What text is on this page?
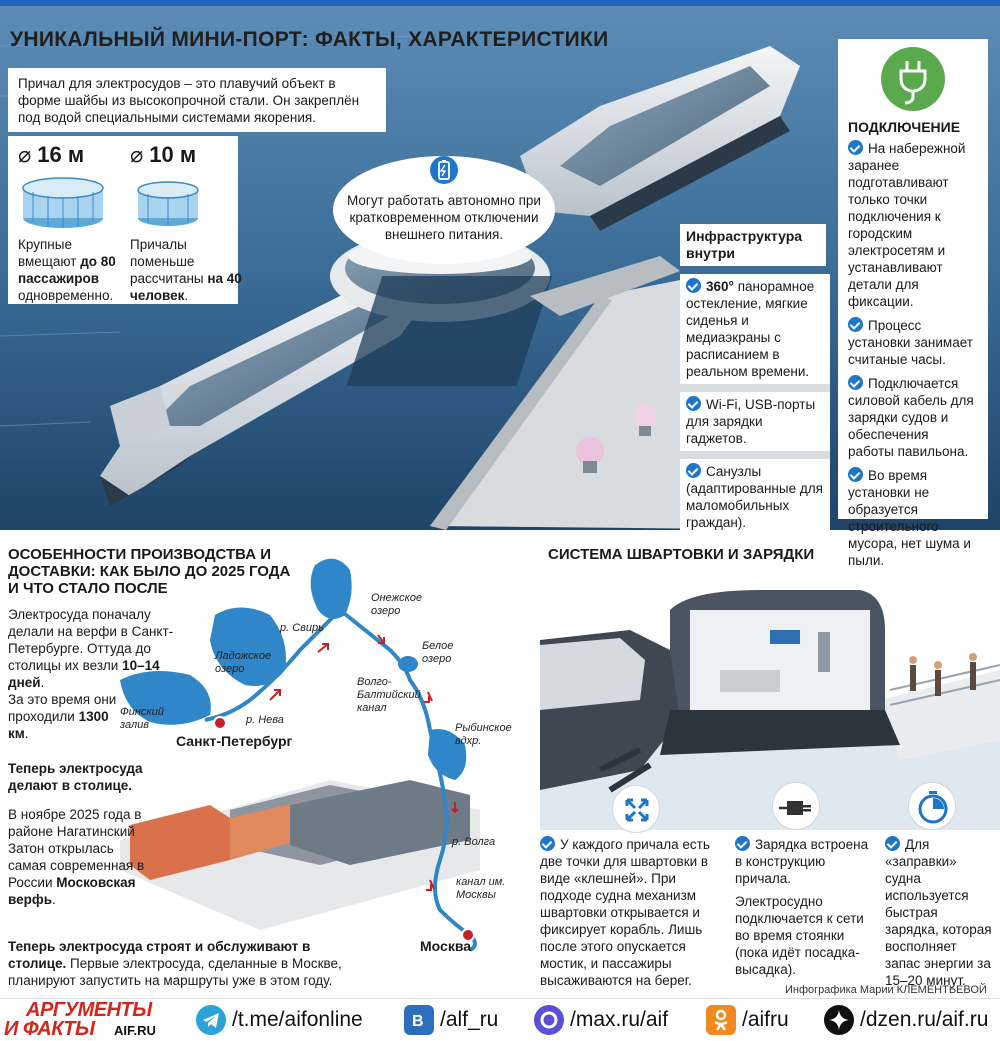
УНИКАЛЬНЫЙ МИНИ-ПОРТ: ФАКТЫ, ХАРАКТЕРИСТИКИ
Причал для электросудов – это плавучий объект в форме шайбы из высокопрочной стали. Он закреплён под водой специальными системами якорения.
⌀ 16 м
Крупные вмещают до 80 пассажиров одновременно.
⌀ 10 м
Причалы поменьше рассчитаны на 40 человек.
Могут работать автономно при кратковременном отключении внешнего питания.	Инфраструктура внутри
360° панорамное остекление, мягкие сиденья и медиаэкраны с расписанием в реальном времени.
Wi-Fi, USB-порты для зарядки гаджетов.
Санузлы (адаптированные для маломобильных граждан).
ПОДКЛЮЧЕНИЕ
На набережной заранее подготавливают только точки подключения к городским электросетям и устанавливают детали для фиксации.
Процесс установки занимает считаные часы.
Подключается силовой кабель для зарядки судов и обеспечения работы павильона.
Во время установки не образуется строительного мусора, нет шума и пыли.
ОСОБЕННОСТИ ПРОИЗВОДСТВА И ДОСТАВКИ: КАК БЫЛО ДО 2025 ГОДА И ЧТО СТАЛО ПОСЛЕ
Финский залив
Ладожское озеро
р. Свирь
р. Нева
Онежское озеро
Белое озеро
Волго-Балтийский канал
Рыбинское вдхр.
р. Волга
канал им. Москвы
Санкт-Петербург
Москва
Электросуда поначалу делали на верфи в Санкт-Петербурге. Оттуда до столицы их везли 10–14 дней.
За это время они проходили 1300 км.
Теперь электросуда делают в столице.
В ноябре 2025 года в районе Нагатинский Затон открылась самая современная в России Московская верфь.
Теперь электросуда строят и обслуживают в столице. Первые электросуда, сделанные в Москве, планируют запустить на маршруты уже в этом году.
СИСТЕМА ШВАРТОВКИ И ЗАРЯДКИ
У каждого причала есть две точки для швартовки в виде «клешней». При подходе судна механизм швартовки открывается и фиксирует корабль. Лишь после этого опускается мостик, и пассажиры высаживаются на берег.
Зарядка встроена в конструкцию причала.
Электросудно подключается к сети во время стоянки (пока идёт посадка-высадка).
Для «заправки» судна используется быстрая зарядка, которая восполняет запас энергии за 15–20 минут.
Инфографика Марии КЛЕМЕНТЬЕВОЙ
АРГУМЕНТЫ
И ФАКТЫ AIF.RU	/t.me/aifonline	B /alf_ru	/max.ru/aif	/aifru	/dzen.ru/aif.ru
